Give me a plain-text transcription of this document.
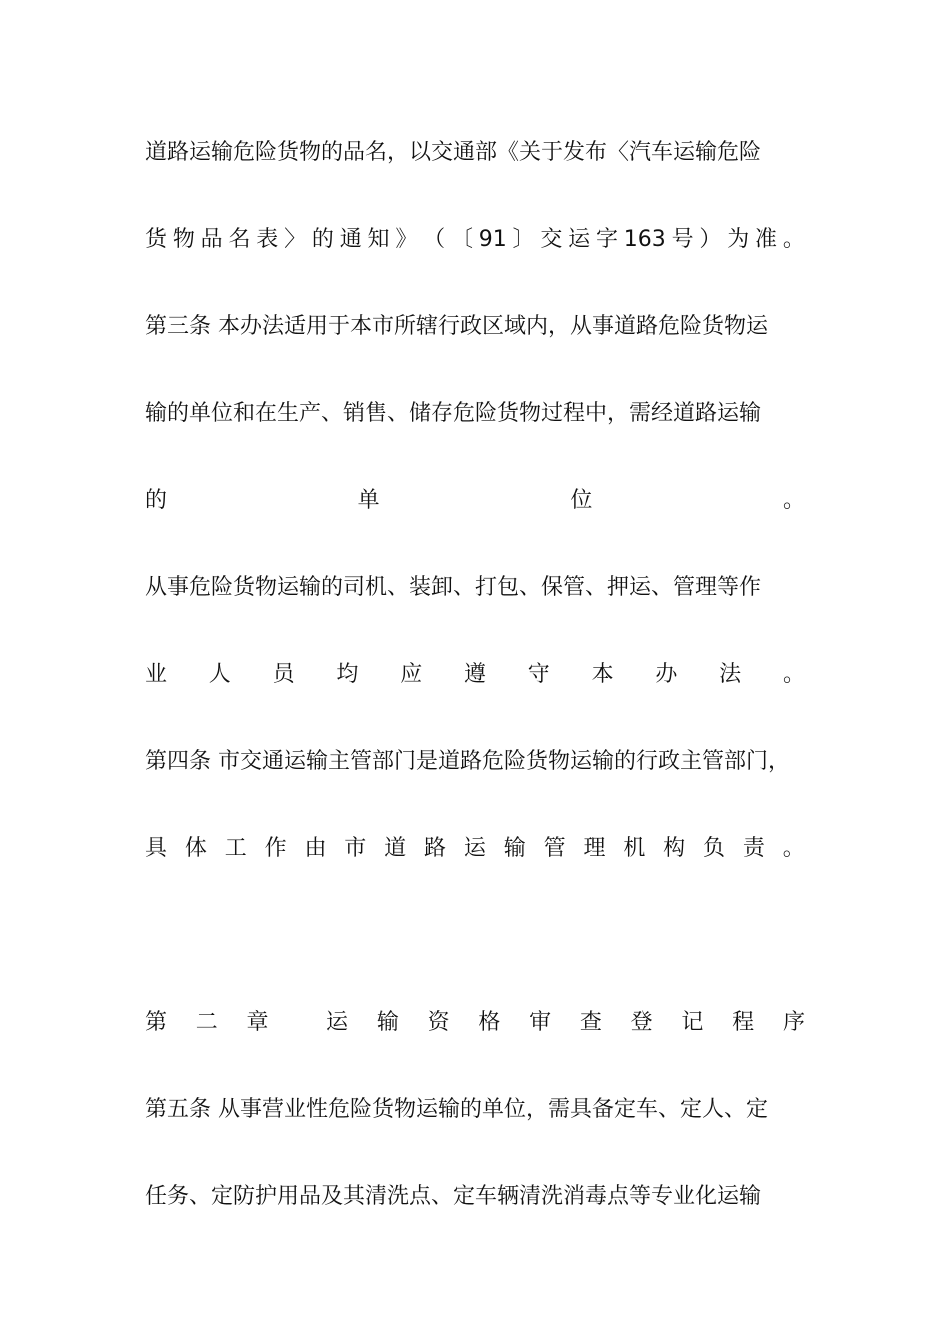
道路运输危险货物的品名，以交通部《关于发布〈汽车运输危险
货 物 品 名 表 〉 的 通 知 》 （ 〔 91 〕 交 运 字 163 号 ） 为 准 。
第三条 本办法适用于本市所辖行政区域内，从事道路危险货物运
输的单位和在生产、销售、储存危险货物过程中，需经道路运输
的	单	位	。
从事危险货物运输的司机、装卸、打包、保管、押运、管理等作
业 人 员 均 应 遵 守 本 办 法 。
第四条 市交通运输主管部门是道路危险货物运输的行政主管部门，
具 体 工 作 由 市 道 路 运 输 管 理 机 构 负 责 。
第 二 章	运 输 资 格 审 查 登 记 程 序
第五条 从事营业性危险货物运输的单位，需具备定车、定人、定
任务、定防护用品及其清洗点、定车辆清洗消毒点等专业化运输
